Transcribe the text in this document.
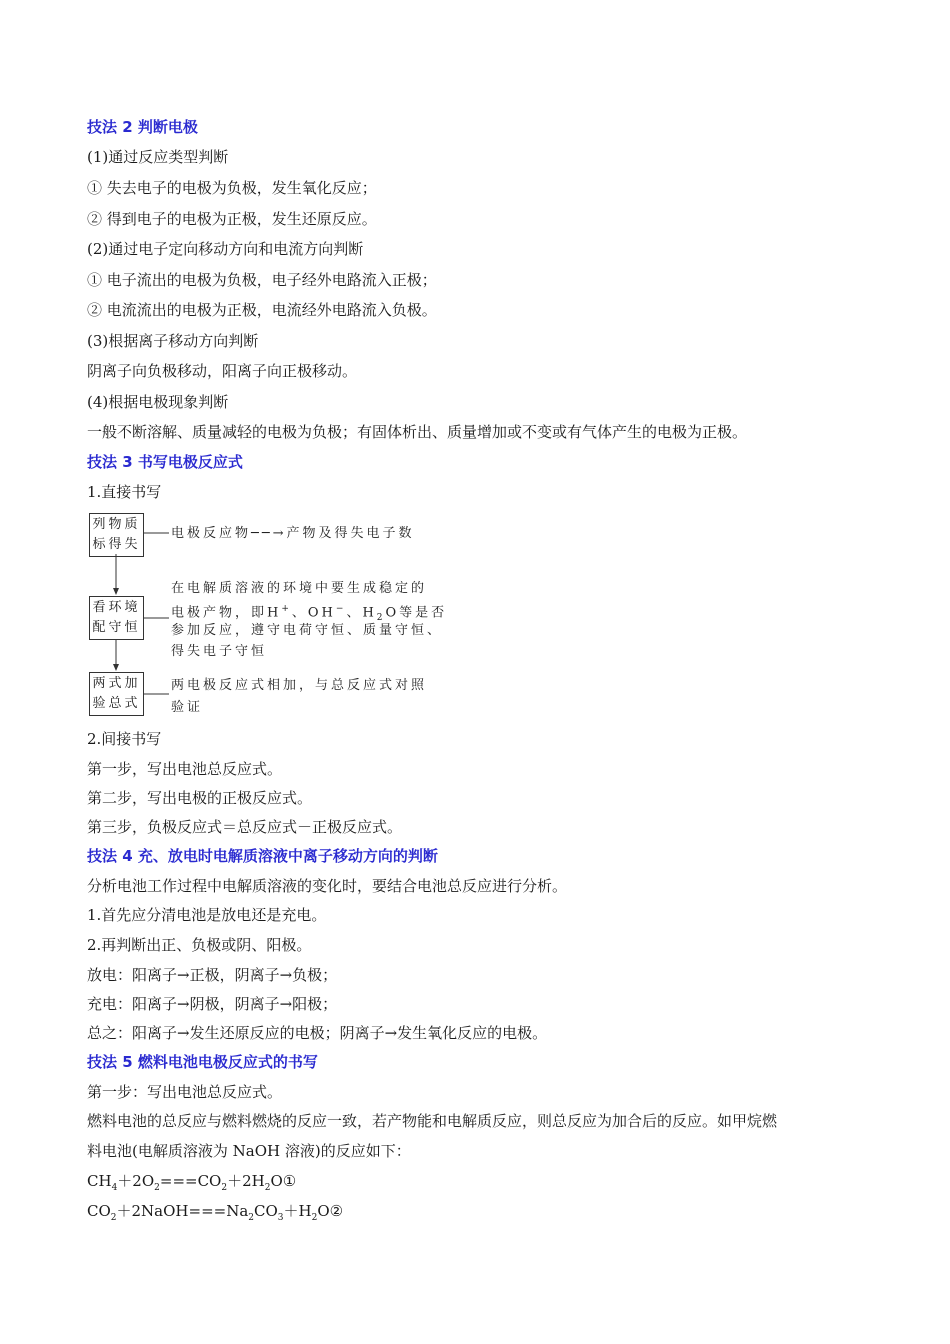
技法 2 判断电极
(1)通过反应类型判断
① 失去电子的电极为负极，发生氧化反应；
② 得到电子的电极为正极，发生还原反应。
(2)通过电子定向移动方向和电流方向判断
① 电子流出的电极为负极，电子经外电路流入正极；
② 电流流出的电极为正极，电流经外电路流入负极。
(3)根据离子移动方向判断
阴离子向负极移动，阳离子向正极移动。
(4)根据电极现象判断
一般不断溶解、质量减轻的电极为负极；有固体析出、质量增加或不变或有气体产生的电极为正极。
技法 3 书写电极反应式
1.直接书写
列物质
标得失
看环境
配守恒
两式加
验总式
电极反应物──→产物及得失电子数
在电解质溶液的环境中要生成稳定的
电极产物，即H+、OH−、$H_2O$等是否
参加反应，遵守电荷守恒、质量守恒、
得失电子守恒
两电极反应式相加，与总反应式对照
验证
2.间接书写
第一步，写出电池总反应式。
第二步，写出电极的正极反应式。
第三步，负极反应式＝总反应式－正极反应式。
技法 4 充、放电时电解质溶液中离子移动方向的判断
分析电池工作过程中电解质溶液的变化时，要结合电池总反应进行分析。
1.首先应分清电池是放电还是充电。
2.再判断出正、负极或阴、阳极。
放电：阳离子→正极，阴离子→负极；
充电：阳离子→阴极，阴离子→阳极；
总之：阳离子→发生还原反应的电极；阴离子→发生氧化反应的电极。
技法 5 燃料电池电极反应式的书写
第一步：写出电池总反应式。
燃料电池的总反应与燃料燃烧的反应一致，若产物能和电解质反应，则总反应为加合后的反应。如甲烷燃
料电池(电解质溶液为 NaOH 溶液)的反应如下：
$CH_4+2O_2===CO_2+2H_2O①$
$CO_2+2NaOH===Na_2CO_3+H_2O②$
